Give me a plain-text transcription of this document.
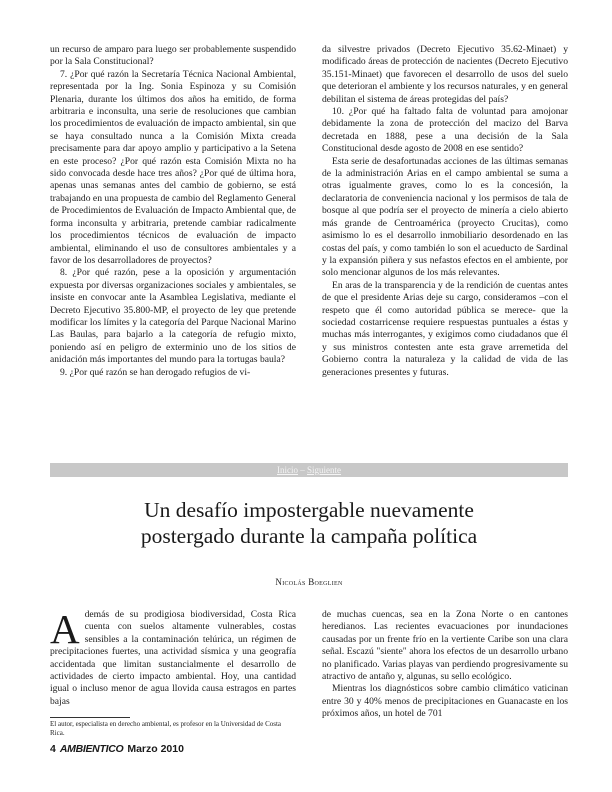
un recurso de amparo para luego ser probablemente suspendido por la Sala Constitucional?

7. ¿Por qué razón la Secretaría Técnica Nacional Ambiental, representada por la Ing. Sonia Espinoza y su Comisión Plenaria, durante los últimos dos años ha emitido, de forma arbitraria e inconsulta, una serie de resoluciones que cambian los procedimientos de evaluación de impacto ambiental, sin que se haya consultado nunca a la Comisión Mixta creada precisamente para dar apoyo amplio y participativo a la Setena en este proceso? ¿Por qué razón esta Comisión Mixta no ha sido convocada desde hace tres años? ¿Por qué de última hora, apenas unas semanas antes del cambio de gobierno, se está trabajando en una propuesta de cambio del Reglamento General de Procedimientos de Evaluación de Impacto Ambiental que, de forma inconsulta y arbitraria, pretende cambiar radicalmente los procedimientos técnicos de evaluación de impacto ambiental, eliminando el uso de consultores ambientales y a favor de los desarrolladores de proyectos?

8. ¿Por qué razón, pese a la oposición y argumentación expuesta por diversas organizaciones sociales y ambientales, se insiste en convocar ante la Asamblea Legislativa, mediante el Decreto Ejecutivo 35.800-MP, el proyecto de ley que pretende modificar los límites y la categoría del Parque Nacional Marino Las Baulas, para bajarlo a la categoría de refugio mixto, poniendo así en peligro de exterminio uno de los sitios de anidación más importantes del mundo para la tortugas baula?

9. ¿Por qué razón se han derogado refugios de vi-

da silvestre privados (Decreto Ejecutivo 35.62-Minaet) y modificado áreas de protección de nacientes (Decreto Ejecutivo 35.151-Minaet) que favorecen el desarrollo de usos del suelo que deterioran el ambiente y los recursos naturales, y en general debilitan el sistema de áreas protegidas del país?

10. ¿Por qué ha faltado falta de voluntad para amojonar debidamente la zona de protección del macizo del Barva decretada en 1888, pese a una decisión de la Sala Constitucional desde agosto de 2008 en ese sentido?

Esta serie de desafortunadas acciones de las últimas semanas de la administración Arias en el campo ambiental se suma a otras igualmente graves, como lo es la concesión, la declaratoria de conveniencia nacional y los permisos de tala de bosque al que podría ser el proyecto de minería a cielo abierto más grande de Centroamérica (proyecto Crucitas), como asimismo lo es el desarrollo inmobiliario desordenado en las costas del país, y como también lo son el acueducto de Sardinal y la expansión piñera y sus nefastos efectos en el ambiente, por solo mencionar algunos de los más relevantes.

En aras de la transparencia y de la rendición de cuentas antes de que el presidente Arias deje su cargo, consideramos –con el respeto que él como autoridad pública se merece- que la sociedad costarricense requiere respuestas puntuales a éstas y muchas más interrogantes, y exigimos como ciudadanos que él y sus ministros contesten ante esta grave arremetida del Gobierno contra la naturaleza y la calidad de vida de las generaciones presentes y futuras.

Inicio – Siguiente
Un desafío impostergable nuevamente
postergado durante la campaña política
Nicolás Boeglien

Además de su prodigiosa biodiversidad, Costa Rica cuenta con suelos altamente vulnerables, costas sensibles a la contaminación telúrica, un régimen de precipitaciones fuertes, una actividad sísmica y una geografía accidentada que limitan sustancialmente el desarrollo de actividades de cierto impacto ambiental. Hoy, una cantidad igual o incluso menor de agua llovida causa estragos en partes bajas

de muchas cuencas, sea en la Zona Norte o en cantones heredianos. Las recientes evacuaciones por inundaciones causadas por un frente frío en la vertiente Caribe son una clara señal. Escazú "siente" ahora los efectos de un desarrollo urbano no planificado. Varias playas van perdiendo progresivamente su atractivo de antaño y, algunas, su sello ecológico.

Mientras los diagnósticos sobre cambio climático vaticinan entre 30 y 40% menos de precipitaciones en Guanacaste en los próximos años, un hotel de 701

El autor, especialista en derecho ambiental, es profesor en la Universidad de Costa Rica.
4 AMBIENTICO Marzo 2010
